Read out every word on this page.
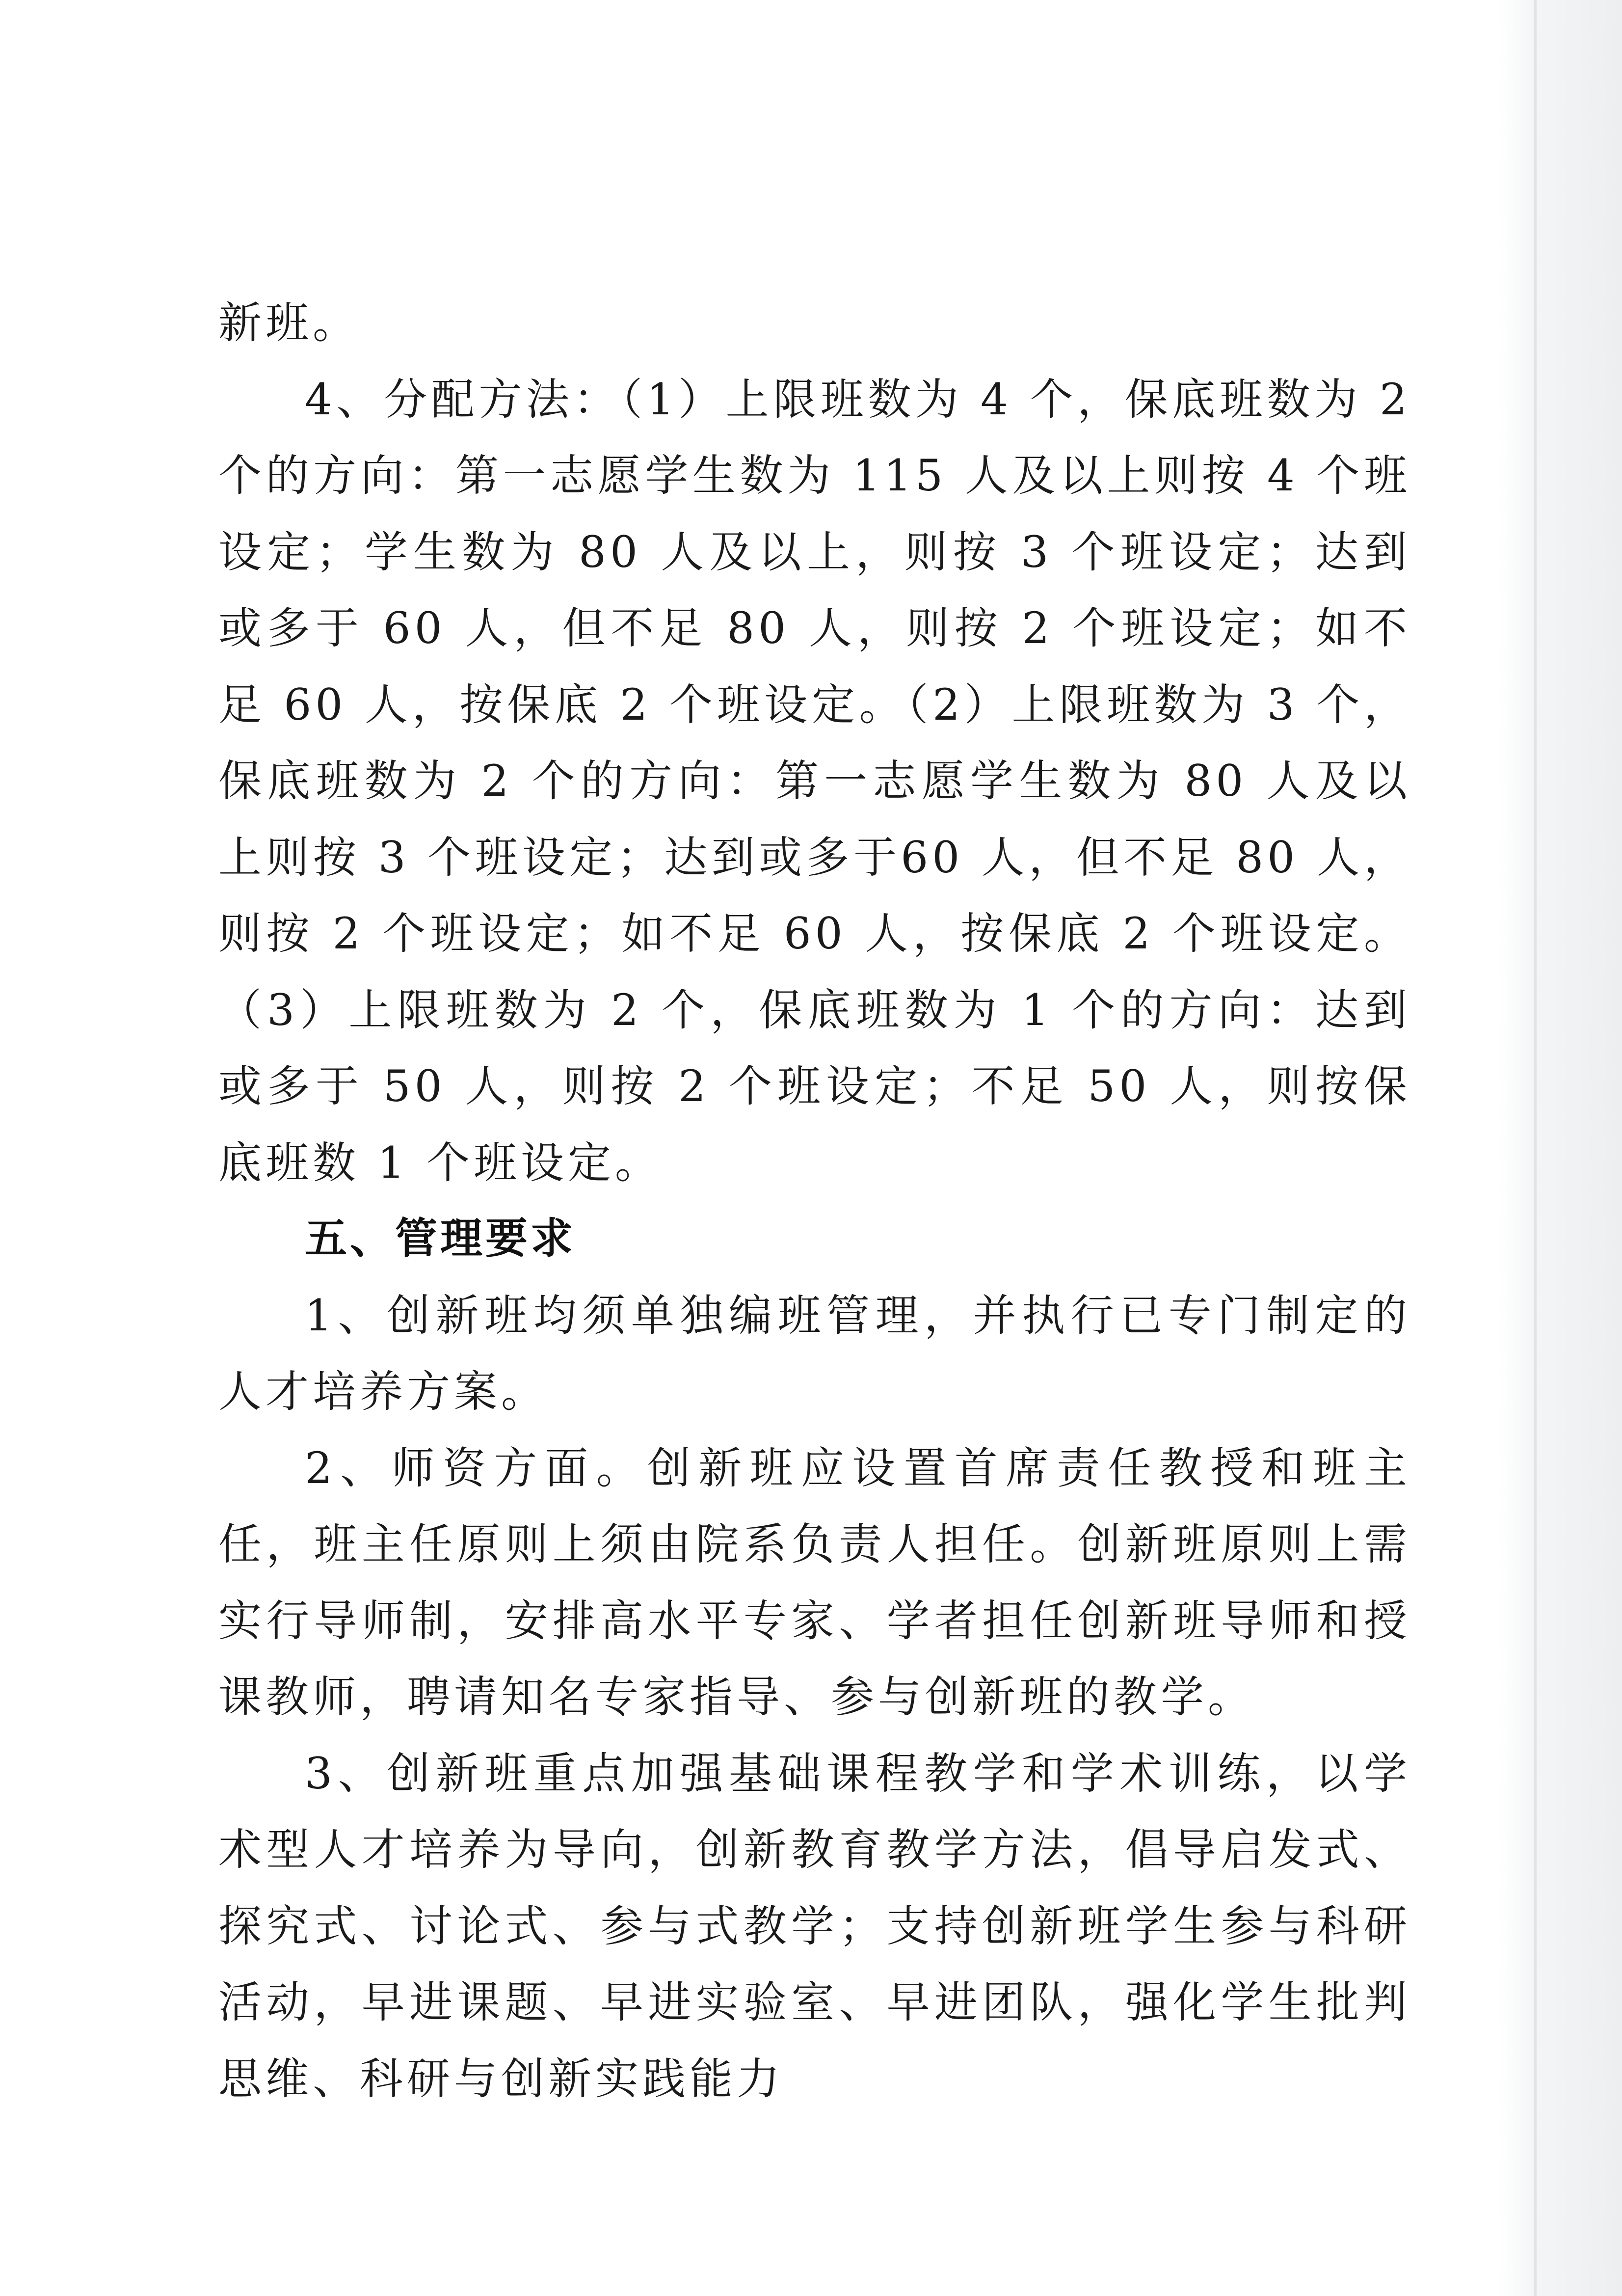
新班。

4、分配方法：（1）上限班数为 4 个，保底班数为 2 个的方向：第一志愿学生数为 115 人及以上则按 4 个班设定；学生数为 80 人及以上，则按 3 个班设定；达到或多于 60 人，但不足 80 人，则按 2 个班设定；如不足 60 人，按保底 2 个班设定。（2）上限班数为 3 个，保底班数为 2 个的方向：第一志愿学生数为 80 人及以上则按 3 个班设定；达到或多于60 人，但不足 80 人，则按 2 个班设定；如不足 60 人，按保底 2 个班设定。（3）上限班数为 2 个，保底班数为 1 个的方向：达到或多于 50 人，则按 2 个班设定；不足 50 人，则按保底班数 1 个班设定。

五、管理要求

1、创新班均须单独编班管理，并执行已专门制定的人才培养方案。

2、师资方面。创新班应设置首席责任教授和班主任，班主任原则上须由院系负责人担任。创新班原则上需实行导师制，安排高水平专家、学者担任创新班导师和授课教师，聘请知名专家指导、参与创新班的教学。

3、创新班重点加强基础课程教学和学术训练，以学术型人才培养为导向，创新教育教学方法，倡导启发式、探究式、讨论式、参与式教学；支持创新班学生参与科研活动，早进课题、早进实验室、早进团队，强化学生批判思维、科研与创新实践能力
